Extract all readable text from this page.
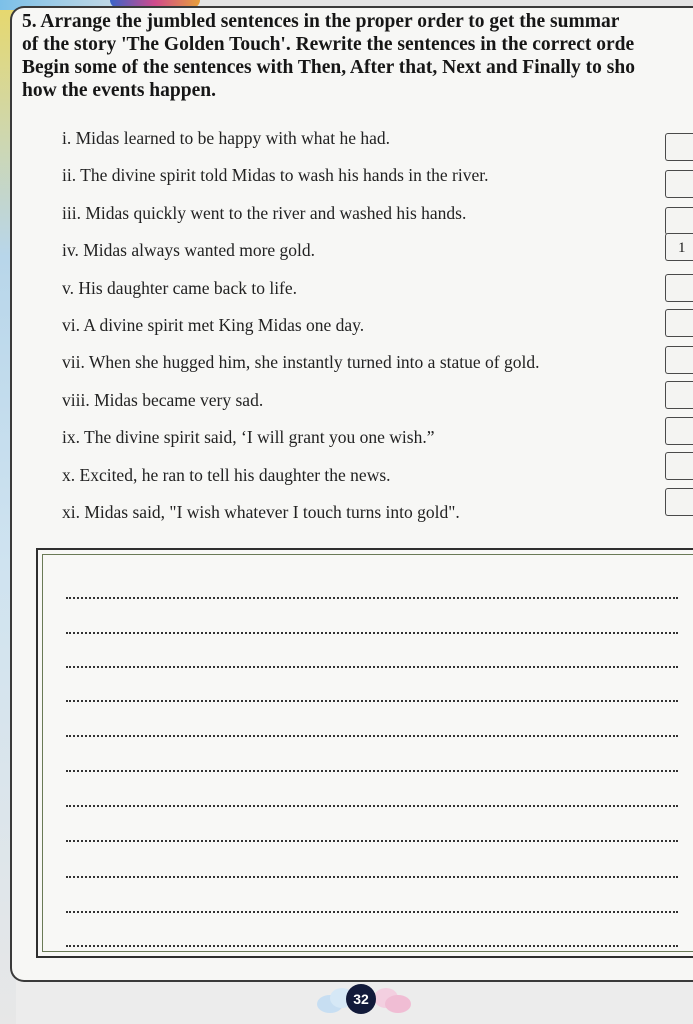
5. Arrange the jumbled sentences in the proper order to get the summar
of the story 'The Golden Touch'. Rewrite the sentences in the correct orde
Begin some of the sentences with Then, After that, Next and Finally to sho
how the events happen.
i. Midas learned to be happy with what he had.
ii. The divine spirit told Midas to wash his hands in the river.
iii. Midas quickly went to the river and washed his hands.
iv. Midas always wanted more gold.
v. His daughter came back to life.
vi. A divine spirit met King Midas one day.
vii. When she hugged him, she instantly turned into a statue of gold.
viii. Midas became very sad.
ix. The divine spirit said, ‘I will grant you one wish.”
x. Excited, he ran to tell his daughter the news.
xi. Midas said, "I wish whatever I touch turns into gold".
1
32
